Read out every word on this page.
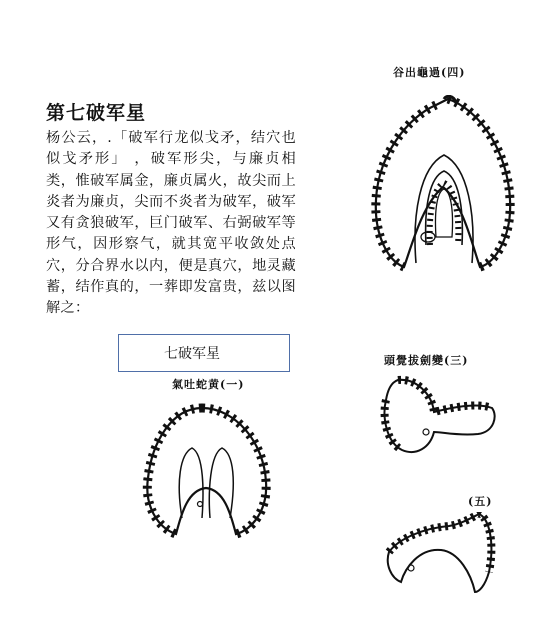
第七破军星

杨公云，.「破军行龙似戈矛，结穴也似戈矛形」 ，破军形尖，与廉贞相类，惟破军属金，廉贞属火，故尖而上炎者为廉贞，尖而不炎者为破军，破军又有贪狼破军，巨门破军、右弼破军等形气，因形察气，就其宽平收敛处点穴，分合界水以内，便是真穴，地灵藏蓄，结作真的，一葬即发富贵，兹以图解之：

七破军星
谷出龜過(四)
氣吐蛇黄(一)
頭覺拔劍變(三)
(五)
